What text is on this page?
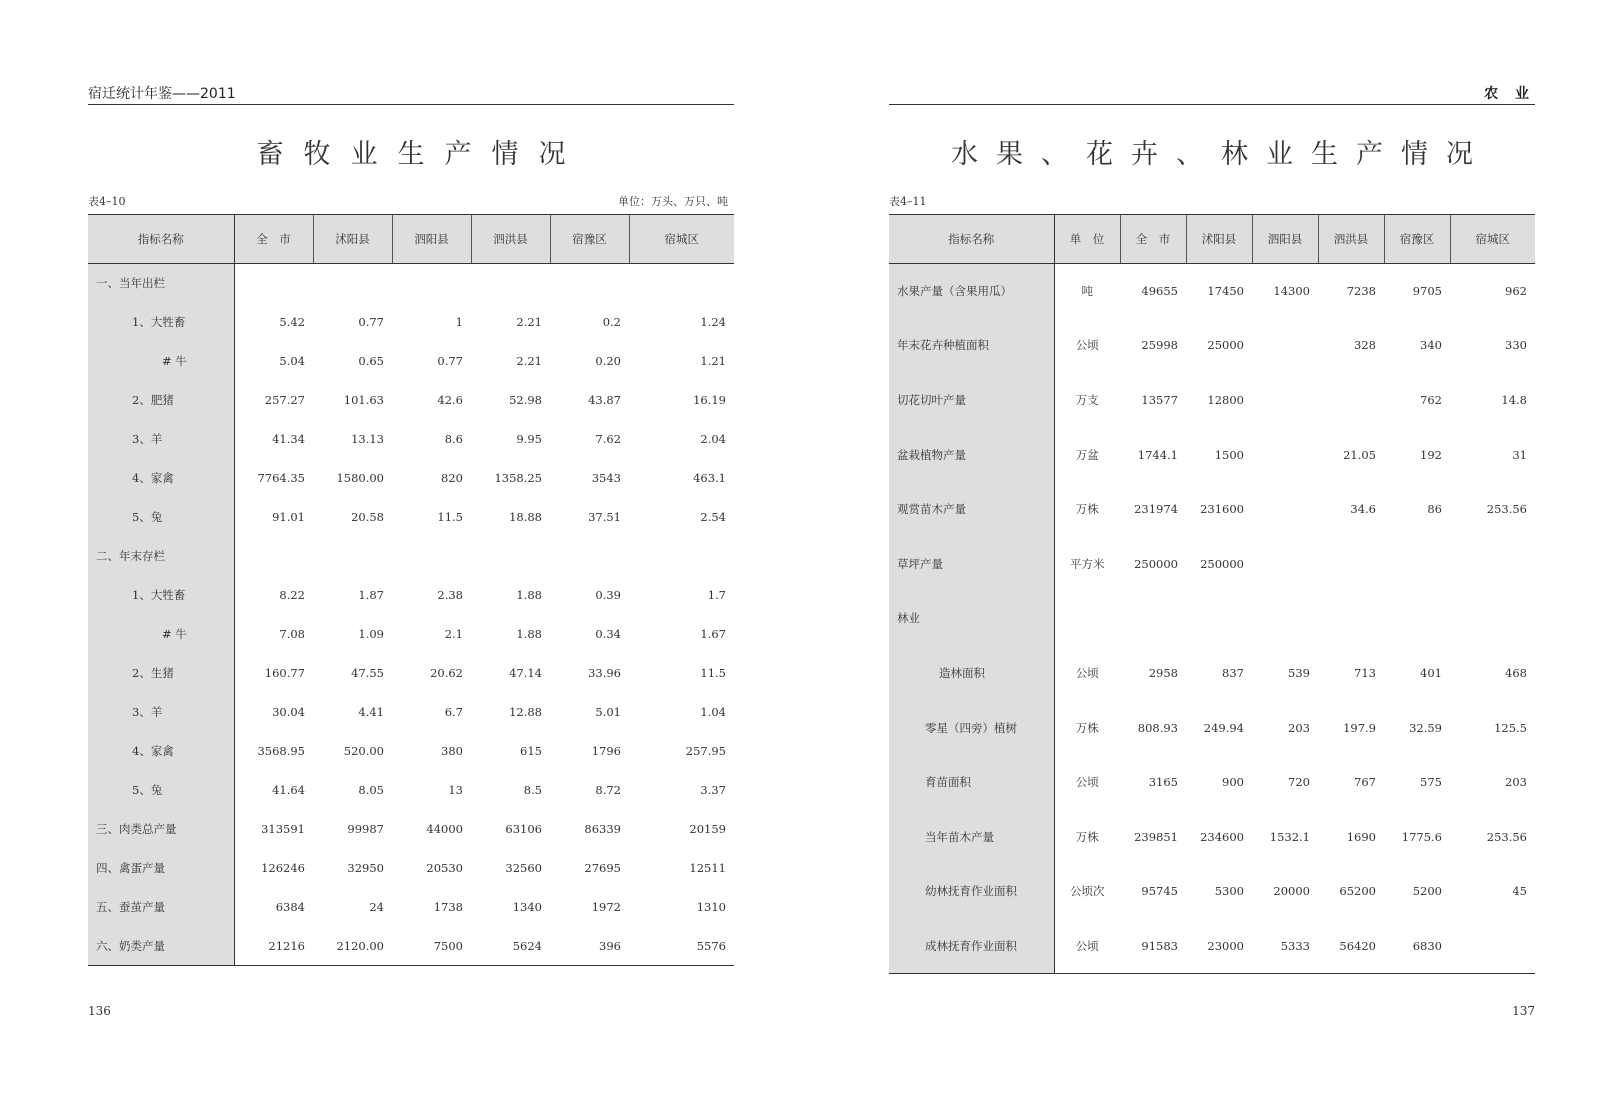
宿迁统计年鉴——2011
畜牧业生产情况
表4–10	单位：万头、万只、吨
指标名称	全　市	沭阳县	泗阳县	泗洪县	宿豫区	宿城区
一、当年出栏						
1、大牲畜	5.42	0.77	1	2.21	0.2	1.24
# 牛	5.04	0.65	0.77	2.21	0.20	1.21
2、肥猪	257.27	101.63	42.6	52.98	43.87	16.19
3、羊	41.34	13.13	8.6	9.95	7.62	2.04
4、家禽	7764.35	1580.00	820	1358.25	3543	463.1
5、兔	91.01	20.58	11.5	18.88	37.51	2.54
二、年末存栏						
1、大牲畜	8.22	1.87	2.38	1.88	0.39	1.7
# 牛	7.08	1.09	2.1	1.88	0.34	1.67
2、生猪	160.77	47.55	20.62	47.14	33.96	11.5
3、羊	30.04	4.41	6.7	12.88	5.01	1.04
4、家禽	3568.95	520.00	380	615	1796	257.95
5、兔	41.64	8.05	13	8.5	8.72	3.37
三、肉类总产量	313591	99987	44000	63106	86339	20159
四、禽蛋产量	126246	32950	20530	32560	27695	12511
五、蚕茧产量	6384	24	1738	1340	1972	1310
六、奶类产量	21216	2120.00	7500	5624	396	5576
136
农 业
水果、花卉、林业生产情况
表4–11
指标名称	单　位	全　市	沭阳县	泗阳县	泗洪县	宿豫区	宿城区
水果产量（含果用瓜）	吨	49655	17450	14300	7238	9705	962
年末花卉种植面积	公顷	25998	25000		328	340	330
切花切叶产量	万支	13577	12800			762	14.8
盆栽植物产量	万盆	1744.1	1500		21.05	192	31
观赏苗木产量	万株	231974	231600		34.6	86	253.56
草坪产量	平方米	250000	250000				
林业							
造林面积	公顷	2958	837	539	713	401	468
零星（四旁）植树	万株	808.93	249.94	203	197.9	32.59	125.5
育苗面积	公顷	3165	900	720	767	575	203
当年苗木产量	万株	239851	234600	1532.1	1690	1775.6	253.56
幼林抚育作业面积	公顷次	95745	5300	20000	65200	5200	45
成林抚育作业面积	公顷	91583	23000	5333	56420	6830	
137
